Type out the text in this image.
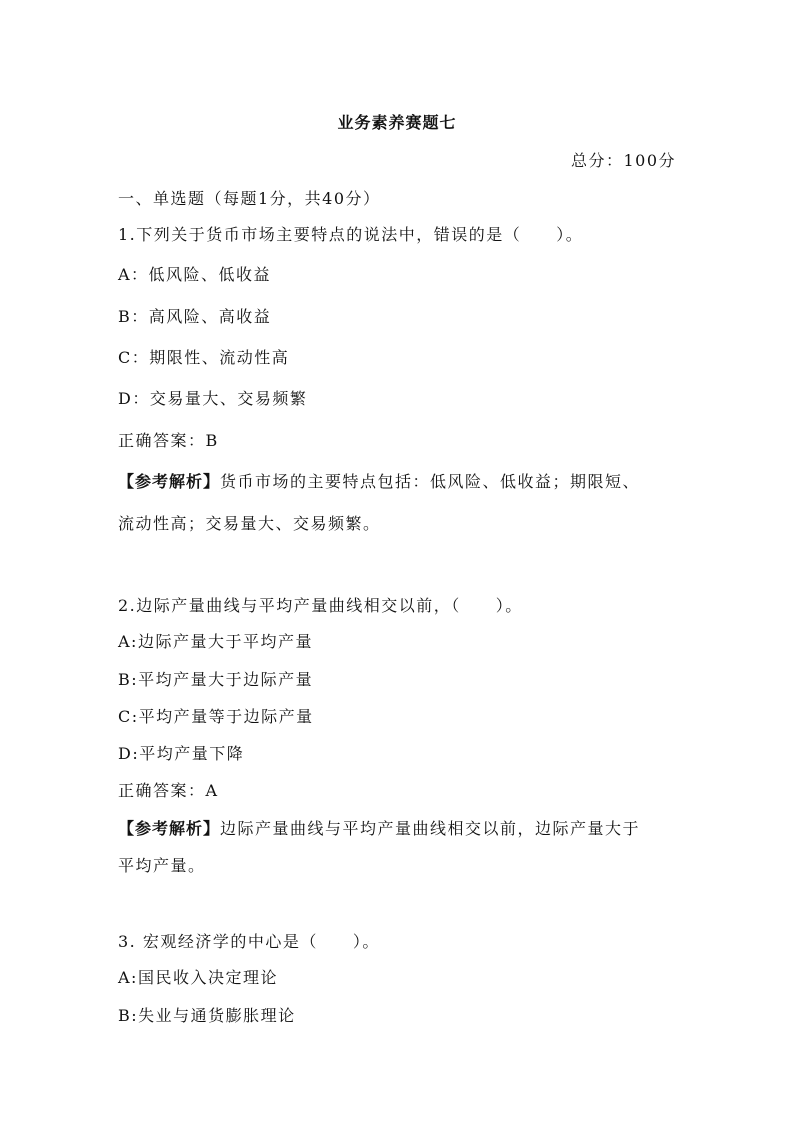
业务素养赛题七
总分：100分
一、单选题（每题1分，共40分）
1.下列关于货币市场主要特点的说法中，错误的是（　　）。
A：低风险、低收益
B：高风险、高收益
C：期限性、流动性高
D：交易量大、交易频繁
正确答案：B
【参考解析】货币市场的主要特点包括：低风险、低收益；期限短、
流动性高；交易量大、交易频繁。
2.边际产量曲线与平均产量曲线相交以前，（　　）。
A:边际产量大于平均产量
B:平均产量大于边际产量
C:平均产量等于边际产量
D:平均产量下降
正确答案：A
【参考解析】边际产量曲线与平均产量曲线相交以前，边际产量大于
平均产量。
3. 宏观经济学的中心是（　　）。
A:国民收入决定理论
B:失业与通货膨胀理论
